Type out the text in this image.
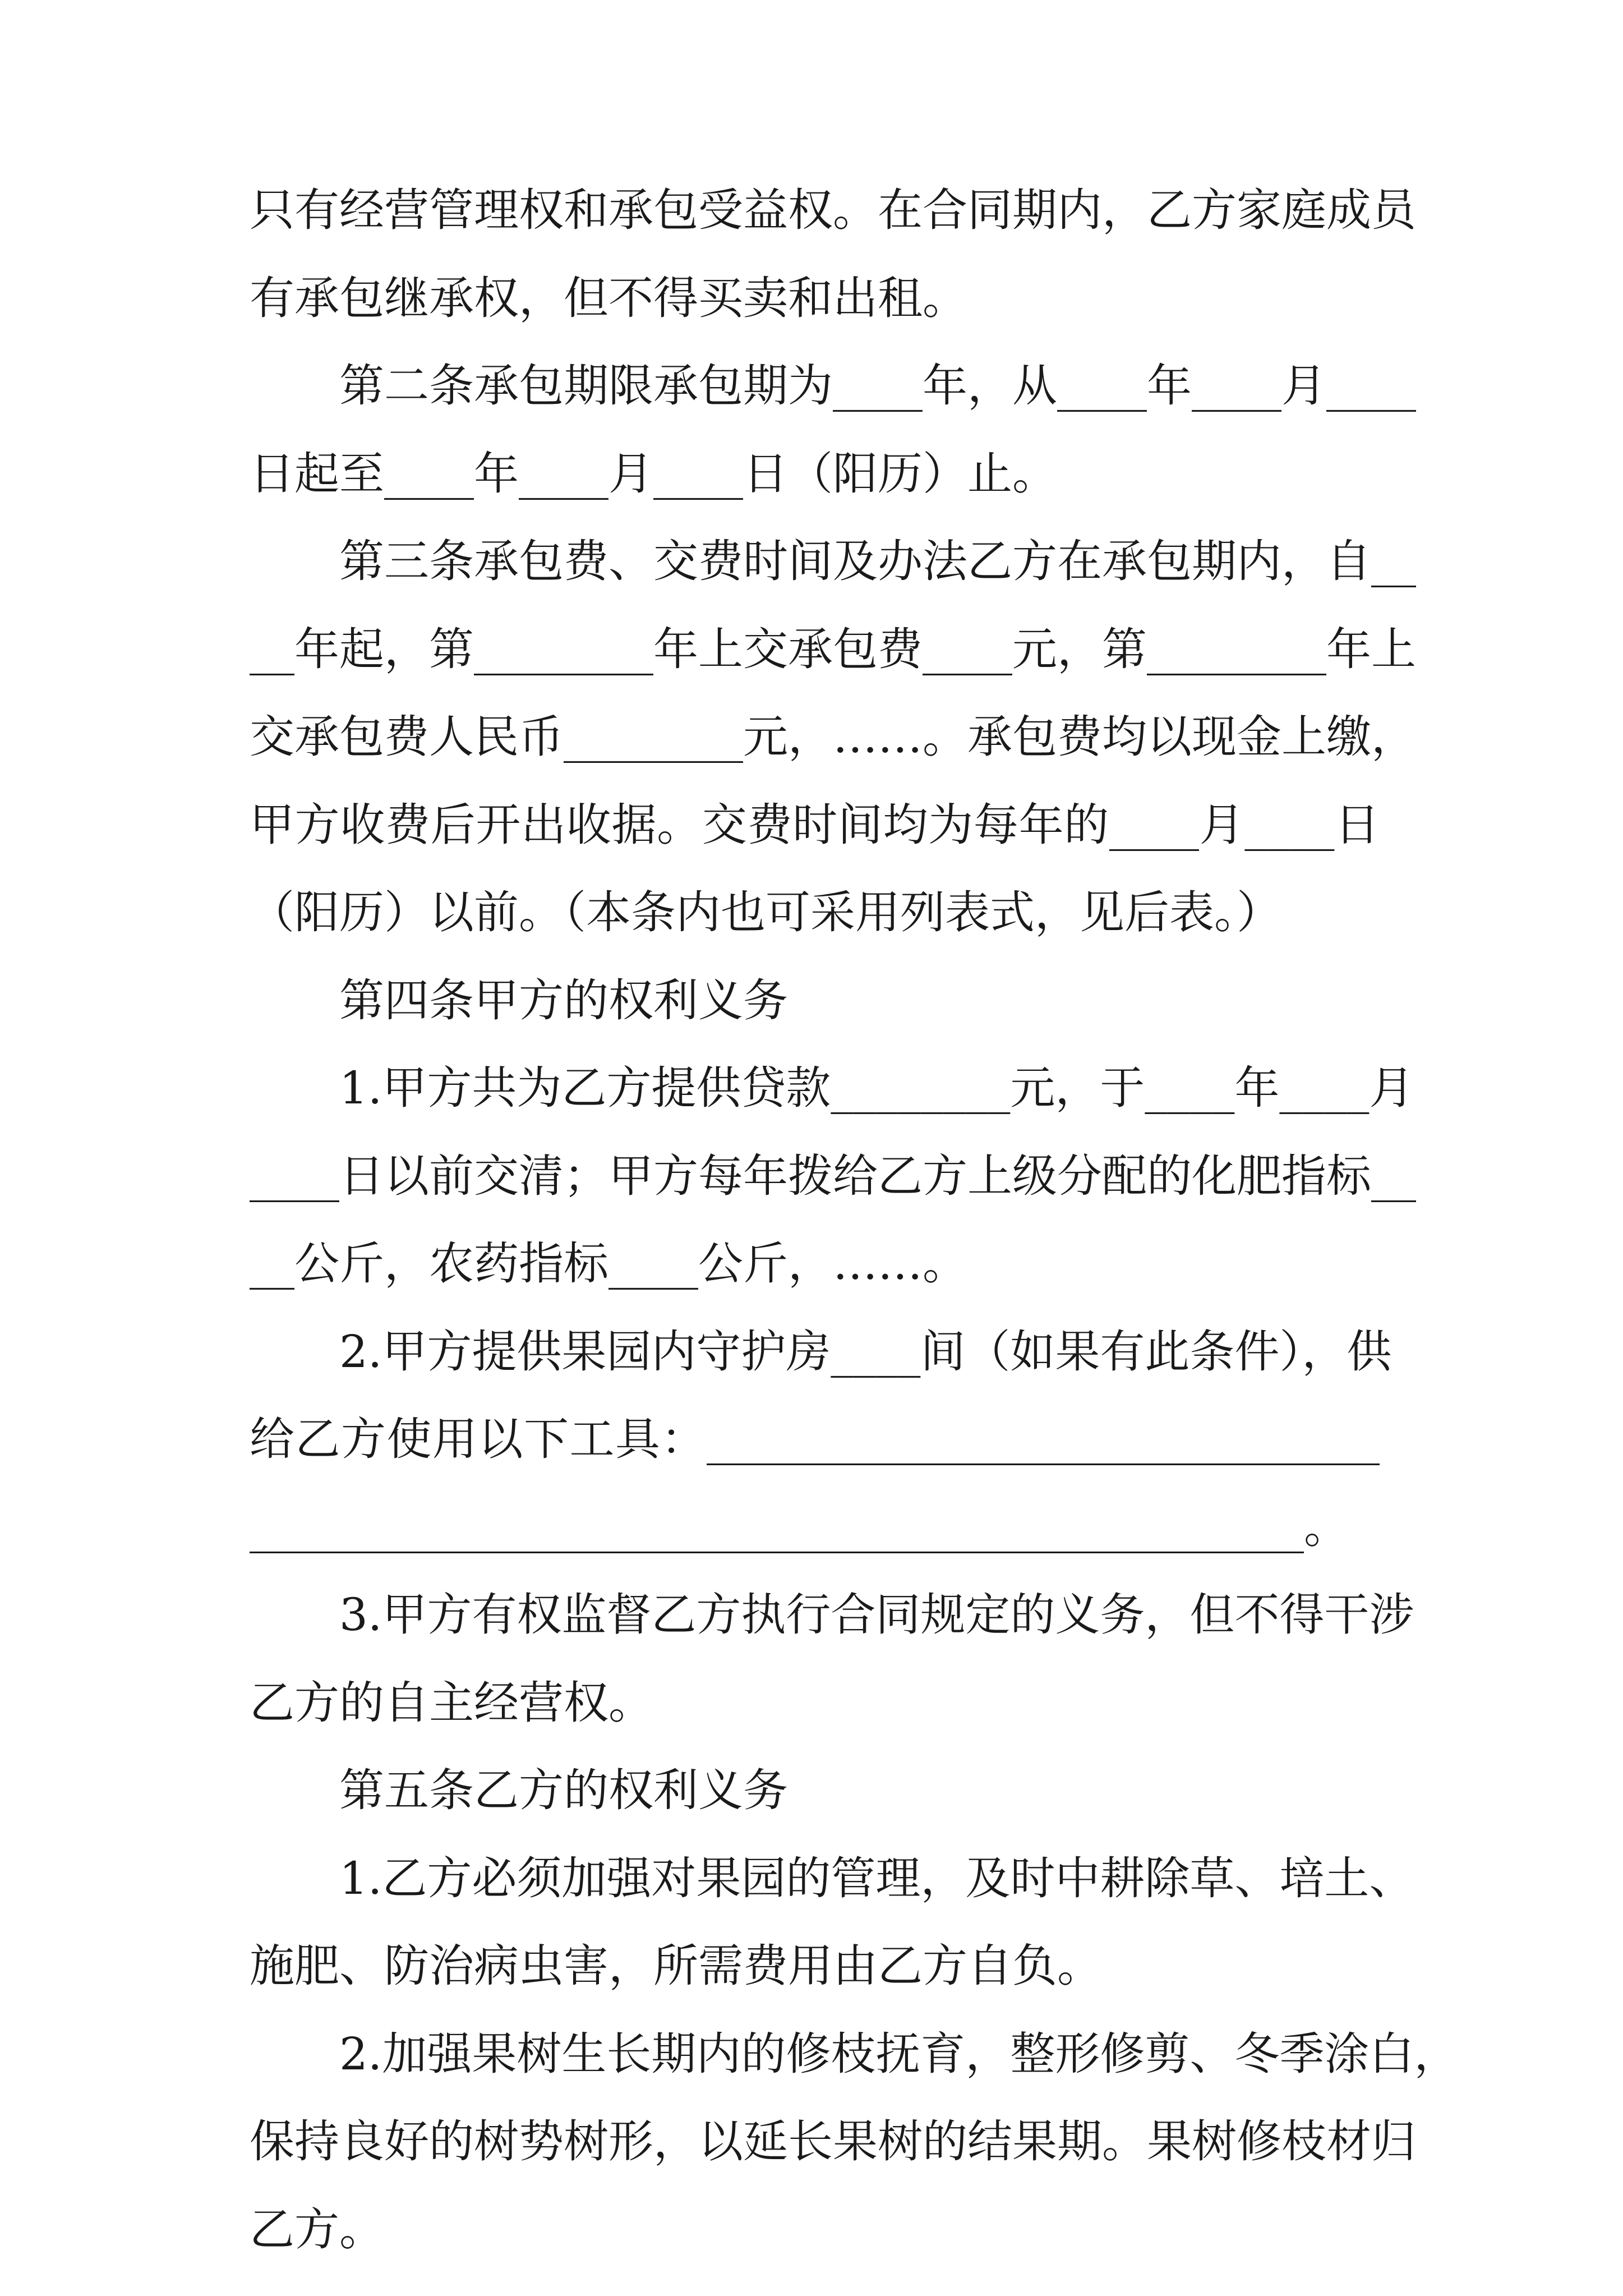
只有经营管理权和承包受益权。在合同期内，乙方家庭成员
有承包继承权，但不得买卖和出租。
第二条承包期限承包期为____年，从____年____月____
日起至____年____月____日（阳历）止。
第三条承包费、交费时间及办法乙方在承包期内，自__
__年起，第________年上交承包费____元，第________年上
交承包费人民币________元，……。承包费均以现金上缴，
甲方收费后开出收据。交费时间均为每年的____月____日
（阳历）以前。（本条内也可采用列表式，见后表。）
第四条甲方的权利义务
1.甲方共为乙方提供贷款________元，于____年____月
____日以前交清；甲方每年拨给乙方上级分配的化肥指标__
__公斤，农药指标____公斤，……。
2.甲方提供果园内守护房____间（如果有此条件），供
给乙方使用以下工具：______________________________
_______________________________________________。
3.甲方有权监督乙方执行合同规定的义务，但不得干涉
乙方的自主经营权。
第五条乙方的权利义务
1.乙方必须加强对果园的管理，及时中耕除草、培土、
施肥、防治病虫害，所需费用由乙方自负。
2.加强果树生长期内的修枝抚育，整形修剪、冬季涂白，
保持良好的树势树形，以延长果树的结果期。果树修枝材归
乙方。
